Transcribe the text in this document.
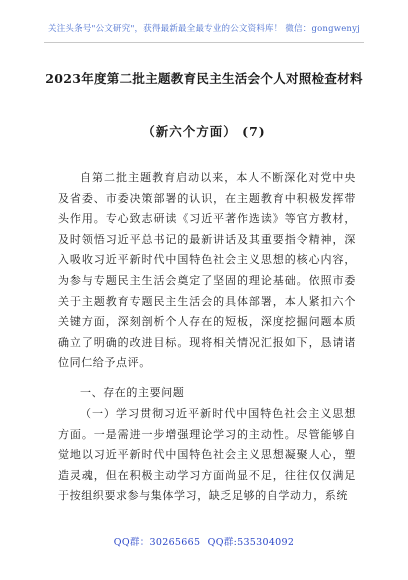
关注头条号"公文研究"，获得最新最全最专业的公文资料库！ 微信：gongwenyj
2023年度第二批主题教育民主生活会个人对照检查材料
（新六个方面） (7)

自第二批主题教育启动以来，本人不断深化对党中央及省委、市委决策部署的认识，在主题教育中积极发挥带头作用。专心致志研读《习近平著作选读》等官方教材，及时领悟习近平总书记的最新讲话及其重要指令精神，深入吸收习近平新时代中国特色社会主义思想的核心内容，为参与专题民主生活会奠定了坚固的理论基础。依照市委关于主题教育专题民主生活会的具体部署，本人紧扣六个关键方面，深刻剖析个人存在的短板，深度挖掘问题本质确立了明确的改进目标。现将相关情况汇报如下，恳请诸位同仁给予点评。

一、存在的主要问题

（一）学习贯彻习近平新时代中国特色社会主义思想方面。一是需进一步增强理论学习的主动性。尽管能够自觉地以习近平新时代中国特色社会主义思想凝聚人心，塑造灵魂，但在积极主动学习方面尚显不足，往往仅仅满足于按组织要求参与集体学习，缺乏足够的自学动力，系统

QQ群：30265665 QQ群:535304092
